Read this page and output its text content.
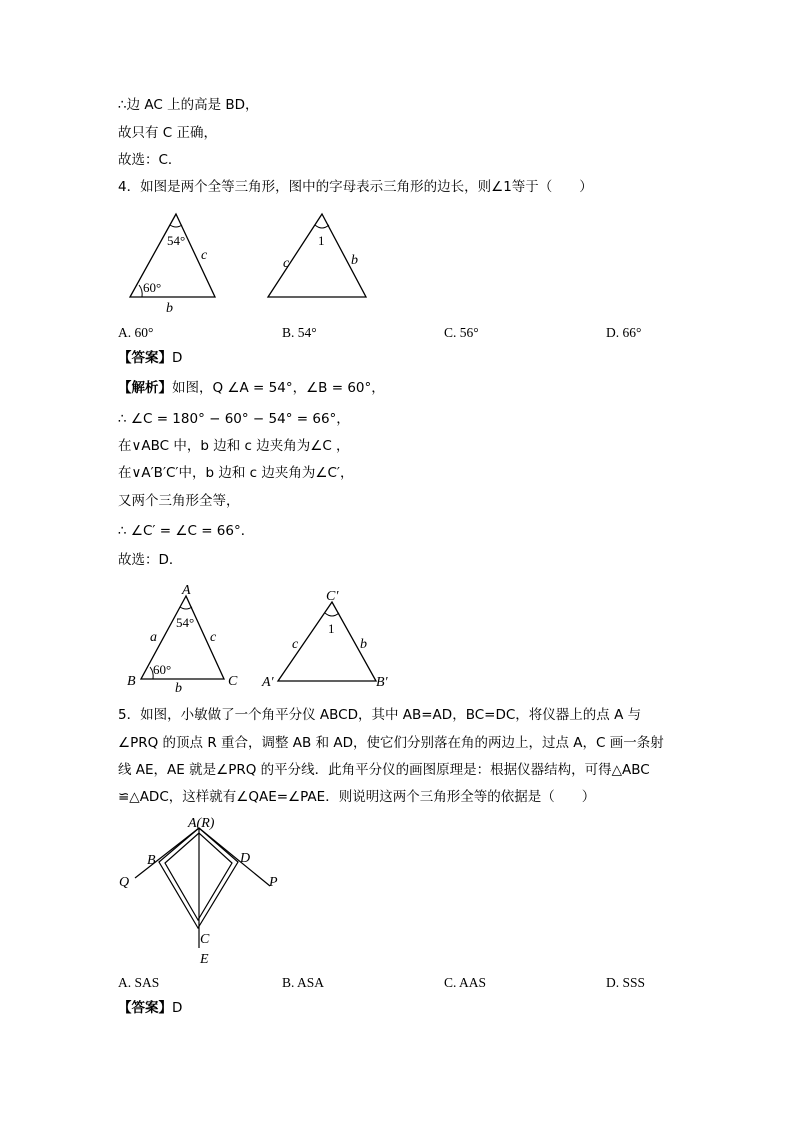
∴边 AC 上的高是 BD，
故只有 C 正确，
故选：C．
4．如图是两个全等三角形，图中的字母表示三角形的边长，则∠1等于（　　）
54°
60°
c
b
1
c	b
A. 60°	B. 54°	C. 56°	D. 66°
【答案】D
【解析】如图，Q ∠A = 54°，∠B = 60°，
∴ ∠C = 180° − 60° − 54° = 66°，
在∨ABC 中，b 边和 c 边夹角为∠C ，
在∨A′B′C′中，b 边和 c 边夹角为∠C′，
又两个三角形全等，
∴ ∠C′ = ∠C = 66°．
故选：D．
A
B	C
54°
60°
a	c
b
C′
A′	B′
1
c	b
5．如图，小敏做了一个角平分仪 ABCD，其中 AB=AD，BC=DC，将仪器上的点 A 与
∠PRQ 的顶点 R 重合，调整 AB 和 AD，使它们分别落在角的两边上，过点 A，C 画一条射
线 AE，AE 就是∠PRQ 的平分线．此角平分仪的画图原理是：根据仪器结构，可得△ABC
≌△ADC，这样就有∠QAE=∠PAE．则说明这两个三角形全等的依据是（　　）
A(R)
B	D
Q	P
C
E
A. SAS	B. ASA	C. AAS	D. SSS
【答案】D
